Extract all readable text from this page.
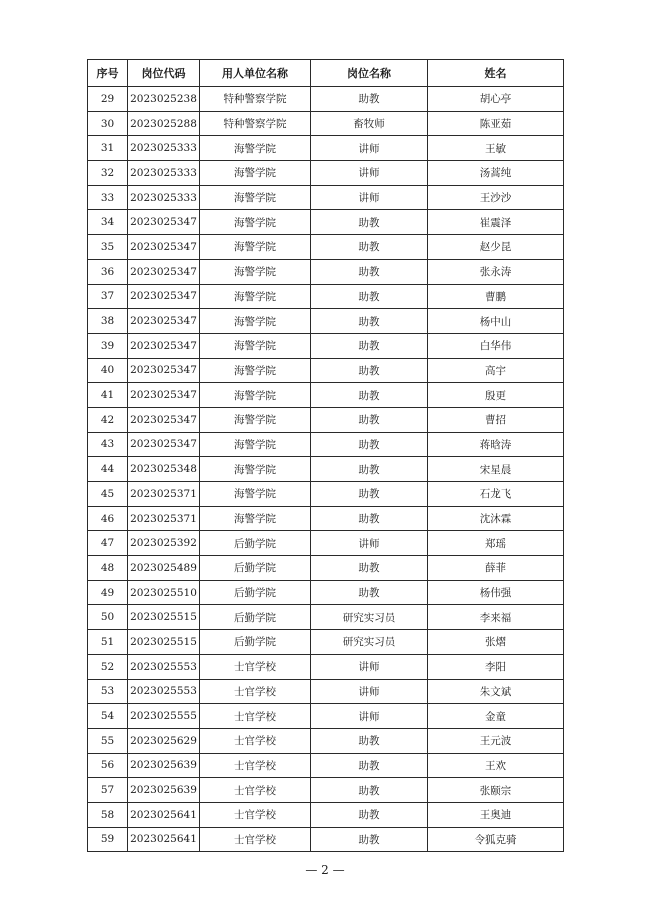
序号	岗位代码	用人单位名称	岗位名称	姓名
29	2023025238	特种警察学院	助教	胡心亭
30	2023025288	特种警察学院	畜牧师	陈亚茹
31	2023025333	海警学院	讲师	王敏
32	2023025333	海警学院	讲师	汤蒿纯
33	2023025333	海警学院	讲师	王沙沙
34	2023025347	海警学院	助教	崔震泽
35	2023025347	海警学院	助教	赵少昆
36	2023025347	海警学院	助教	张永涛
37	2023025347	海警学院	助教	曹鹏
38	2023025347	海警学院	助教	杨中山
39	2023025347	海警学院	助教	白华伟
40	2023025347	海警学院	助教	高宇
41	2023025347	海警学院	助教	殷更
42	2023025347	海警学院	助教	曹招
43	2023025347	海警学院	助教	蒋晗涛
44	2023025348	海警学院	助教	宋星晨
45	2023025371	海警学院	助教	石龙飞
46	2023025371	海警学院	助教	沈沐霖
47	2023025392	后勤学院	讲师	郑瑶
48	2023025489	后勤学院	助教	薛菲
49	2023025510	后勤学院	助教	杨伟强
50	2023025515	后勤学院	研究实习员	李来福
51	2023025515	后勤学院	研究实习员	张熠
52	2023025553	士官学校	讲师	李阳
53	2023025553	士官学校	讲师	朱文斌
54	2023025555	士官学校	讲师	金童
55	2023025629	士官学校	助教	王元波
56	2023025639	士官学校	助教	王欢
57	2023025639	士官学校	助教	张颐宗
58	2023025641	士官学校	助教	王奥迪
59	2023025641	士官学校	助教	令狐克骑
— 2 —
